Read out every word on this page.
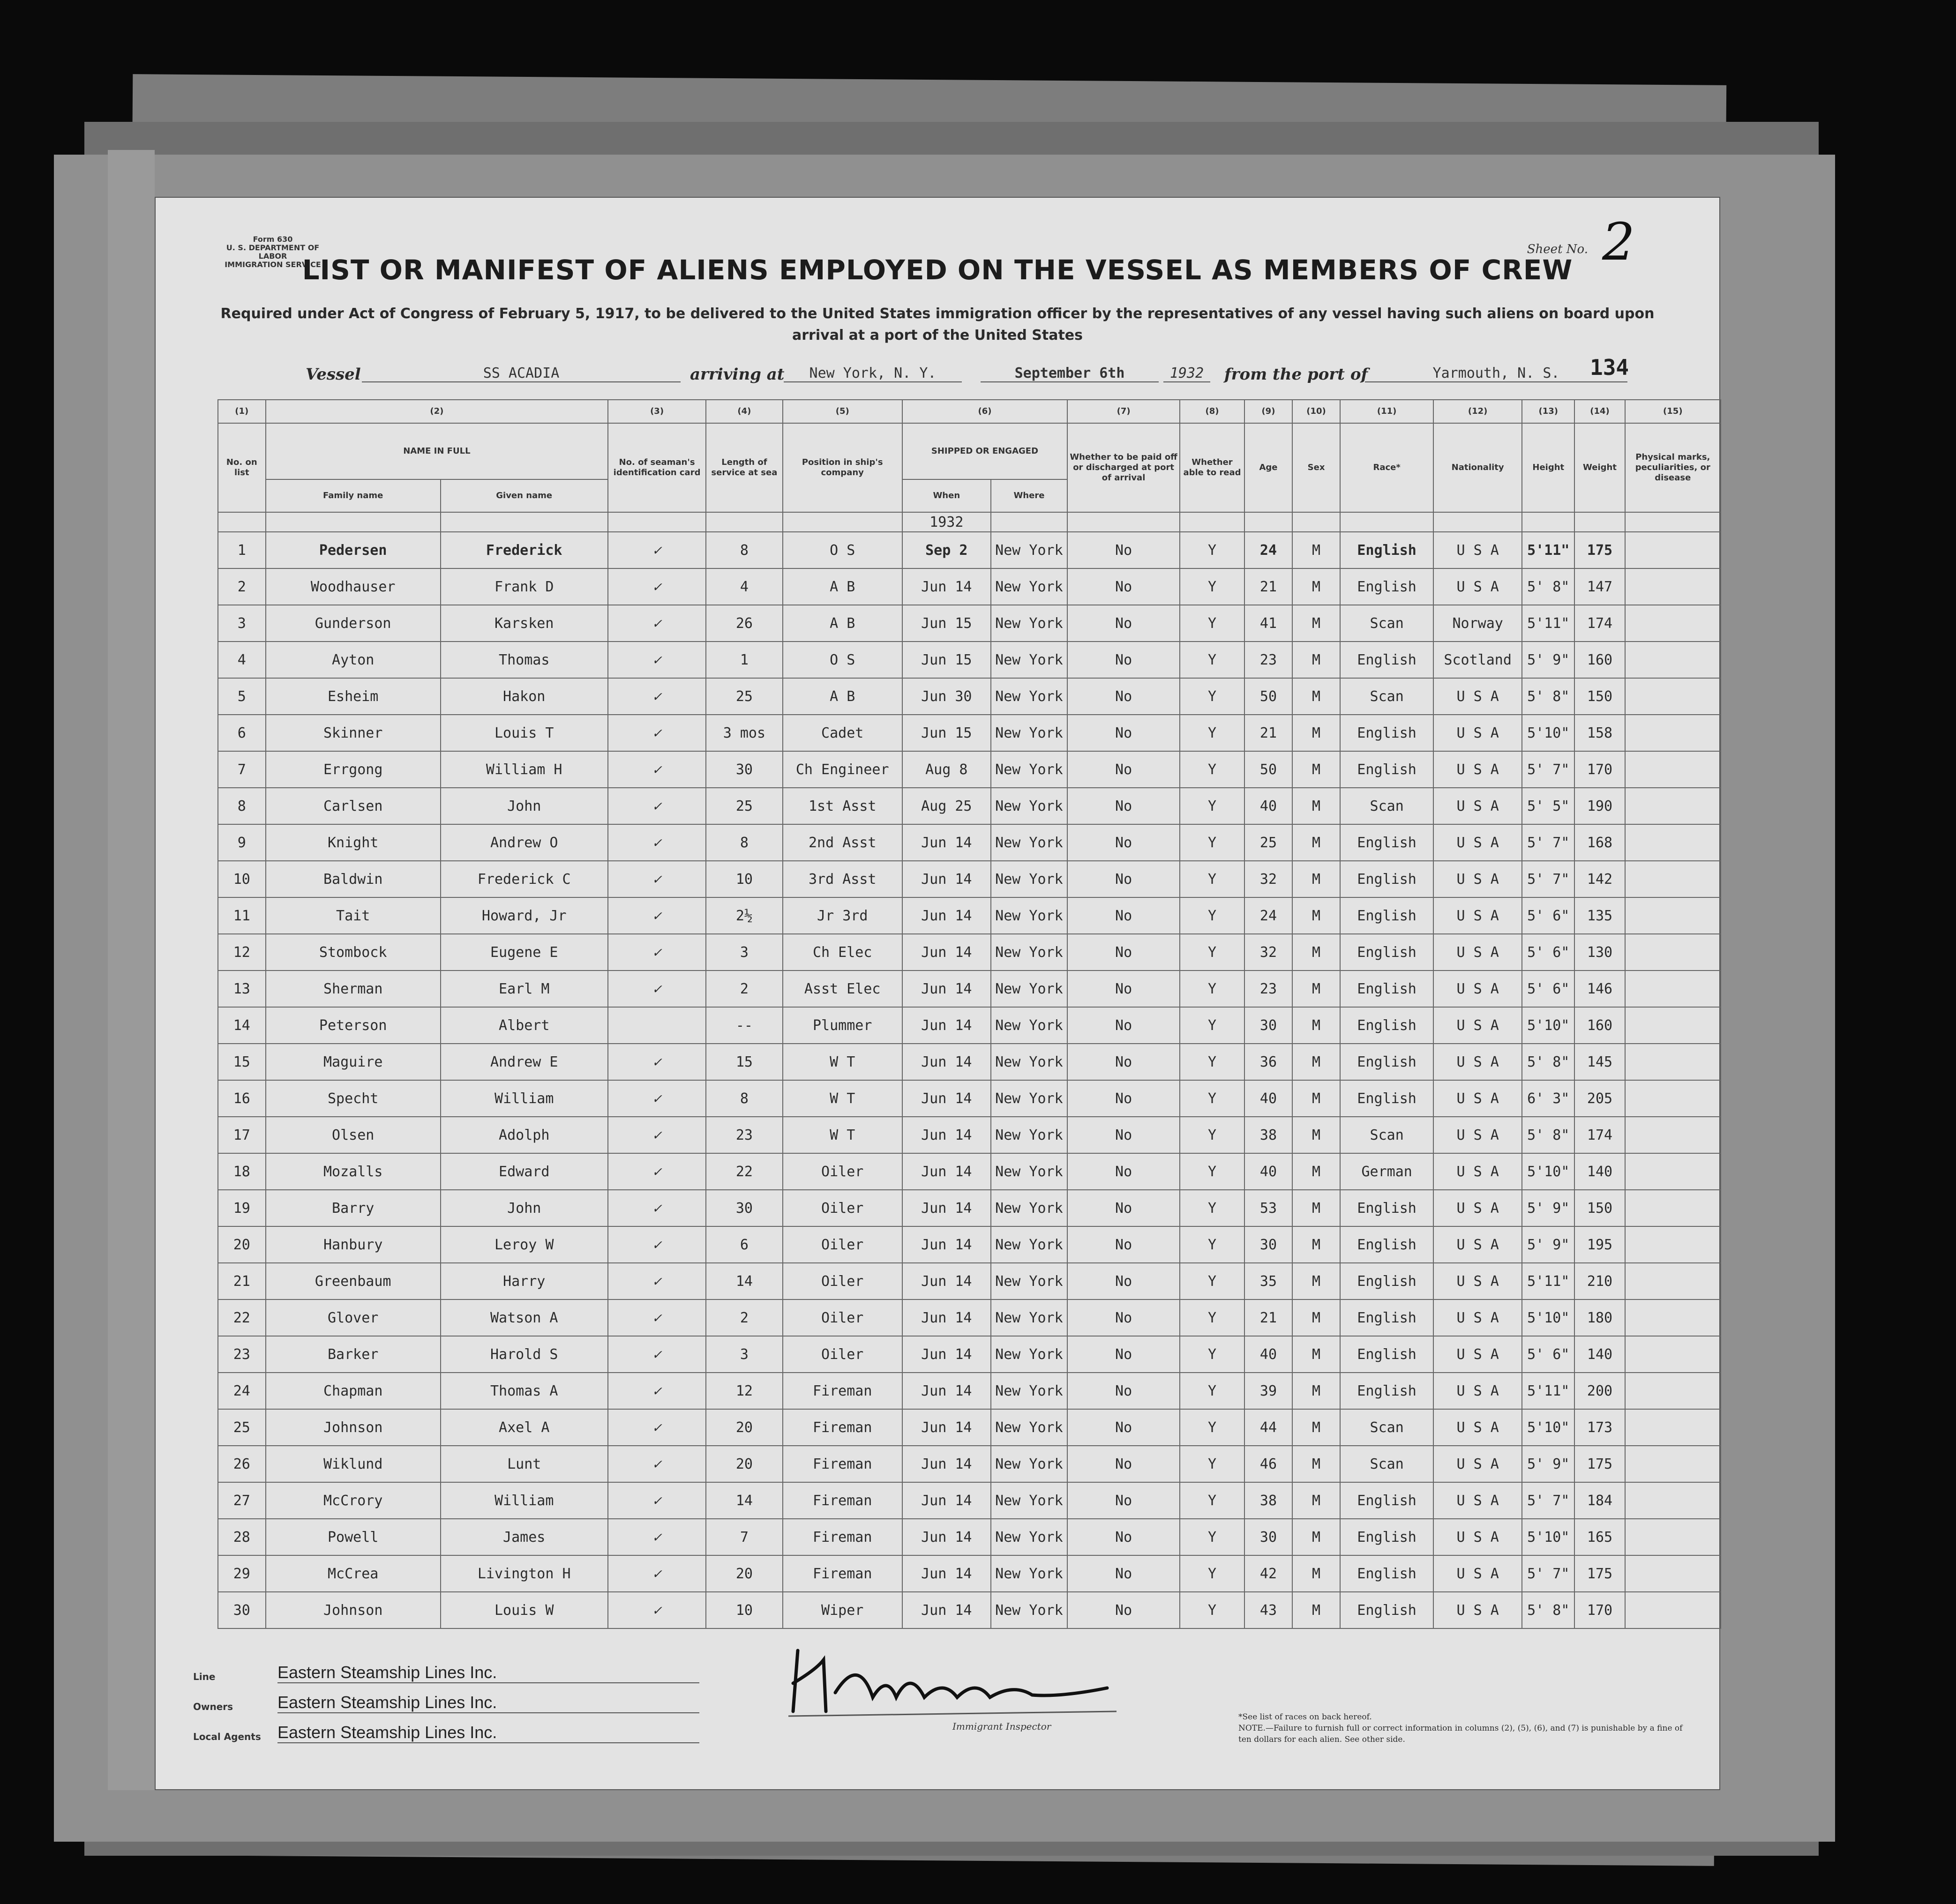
Form 630
U. S. DEPARTMENT OF LABOR
IMMIGRATION SERVICE
Sheet No. 2
LIST OR MANIFEST OF ALIENS EMPLOYED ON THE VESSEL AS MEMBERS OF CREW
Required under Act of Congress of February 5, 1917, to be delivered to the United States immigration officer by the representatives of any vessel having such aliens on board upon arrival at a port of the United States
Vessel	SS ACADIA	arriving at	New York, N. Y.	September 6th	1932	from the port of	Yarmouth, N. S.	134
	(1)	(2)		(3)	(4)	(5)	(6)		(7)	(8)	(9)	(10)	(11)	(12)	(13)	(14)	(15)
	No. on list	NAME IN FULL		No. of seaman's identification card	Length of service at sea	Position in ship's company	SHIPPED OR ENGAGED		Whether to be paid off or discharged at port of arrival	Whether able to read	Age	Sex	Race*	Nationality	Height	Weight	Physical marks, peculiarities, or disease
		Family name	Given name				When	Where									
							1932										
	1	Pedersen	Frederick	✓	8	O S	Sep 2	New York	No	Y	24	M	English	U S A	5'11"	175	
	2	Woodhauser	Frank D	✓	4	A B	Jun 14	New York	No	Y	21	M	English	U S A	5' 8"	147	
	3	Gunderson	Karsken	✓	26	A B	Jun 15	New York	No	Y	41	M	Scan	Norway	5'11"	174	
	4	Ayton	Thomas	✓	1	O S	Jun 15	New York	No	Y	23	M	English	Scotland	5' 9"	160	
	5	Esheim	Hakon	✓	25	A B	Jun 30	New York	No	Y	50	M	Scan	U S A	5' 8"	150	
	6	Skinner	Louis T	✓	3 mos	Cadet	Jun 15	New York	No	Y	21	M	English	U S A	5'10"	158	
	7	Errgong	William H	✓	30	Ch Engineer	Aug 8	New York	No	Y	50	M	English	U S A	5' 7"	170	
	8	Carlsen	John	✓	25	1st Asst	Aug 25	New York	No	Y	40	M	Scan	U S A	5' 5"	190	
	9	Knight	Andrew O	✓	8	2nd Asst	Jun 14	New York	No	Y	25	M	English	U S A	5' 7"	168	
	10	Baldwin	Frederick C	✓	10	3rd Asst	Jun 14	New York	No	Y	32	M	English	U S A	5' 7"	142	
	11	Tait	Howard, Jr	✓	2½	Jr 3rd	Jun 14	New York	No	Y	24	M	English	U S A	5' 6"	135	
	12	Stombock	Eugene E	✓	3	Ch Elec	Jun 14	New York	No	Y	32	M	English	U S A	5' 6"	130	
	13	Sherman	Earl M	✓	2	Asst Elec	Jun 14	New York	No	Y	23	M	English	U S A	5' 6"	146	
	14	Peterson	Albert		--	Plummer	Jun 14	New York	No	Y	30	M	English	U S A	5'10"	160	
	15	Maguire	Andrew E	✓	15	W T	Jun 14	New York	No	Y	36	M	English	U S A	5' 8"	145	
	16	Specht	William	✓	8	W T	Jun 14	New York	No	Y	40	M	English	U S A	6' 3"	205	
	17	Olsen	Adolph	✓	23	W T	Jun 14	New York	No	Y	38	M	Scan	U S A	5' 8"	174	
	18	Mozalls	Edward	✓	22	Oiler	Jun 14	New York	No	Y	40	M	German	U S A	5'10"	140	
	19	Barry	John	✓	30	Oiler	Jun 14	New York	No	Y	53	M	English	U S A	5' 9"	150	
	20	Hanbury	Leroy W	✓	6	Oiler	Jun 14	New York	No	Y	30	M	English	U S A	5' 9"	195	
	21	Greenbaum	Harry	✓	14	Oiler	Jun 14	New York	No	Y	35	M	English	U S A	5'11"	210	
	22	Glover	Watson A	✓	2	Oiler	Jun 14	New York	No	Y	21	M	English	U S A	5'10"	180	
	23	Barker	Harold S	✓	3	Oiler	Jun 14	New York	No	Y	40	M	English	U S A	5' 6"	140	
	24	Chapman	Thomas A	✓	12	Fireman	Jun 14	New York	No	Y	39	M	English	U S A	5'11"	200	
	25	Johnson	Axel A	✓	20	Fireman	Jun 14	New York	No	Y	44	M	Scan	U S A	5'10"	173	
	26	Wiklund	Lunt	✓	20	Fireman	Jun 14	New York	No	Y	46	M	Scan	U S A	5' 9"	175	
	27	McCrory	William	✓	14	Fireman	Jun 14	New York	No	Y	38	M	English	U S A	5' 7"	184	
	28	Powell	James	✓	7	Fireman	Jun 14	New York	No	Y	30	M	English	U S A	5'10"	165	
	29	McCrea	Livington H	✓	20	Fireman	Jun 14	New York	No	Y	42	M	English	U S A	5' 7"	175	
	30	Johnson	Louis W	✓	10	Wiper	Jun 14	New York	No	Y	43	M	English	U S A	5' 8"	170	
Line	Eastern Steamship Lines Inc.
Owners	Eastern Steamship Lines Inc.
Local Agents Eastern Steamship Lines Inc.	Immigrant Inspector
*See list of races on back hereof.
NOTE.—Failure to furnish full or correct information in columns (2), (5), (6), and (7) is punishable by a fine of ten dollars for each alien. See other side.
